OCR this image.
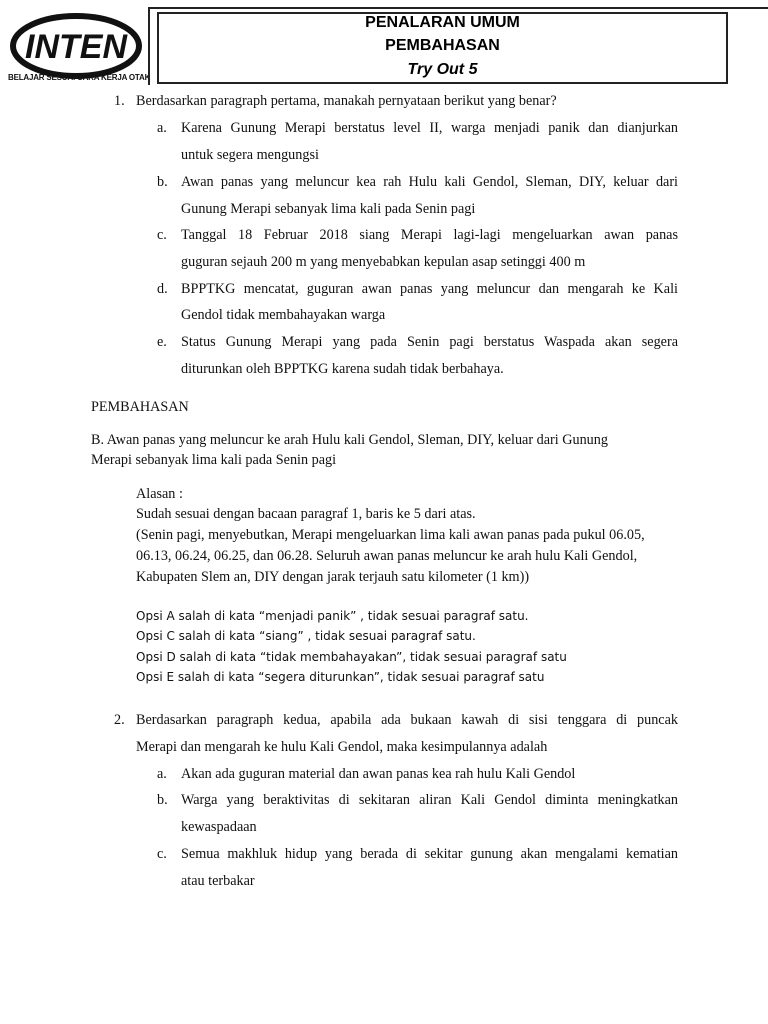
INTEN
BELAJAR SESUAI CARA KERJA OTAK
PENALARAN UMUM
PEMBAHASAN
Try Out 5
1. Berdasarkan paragraph pertama, manakah pernyataan berikut yang benar?
a. Karena Gunung Merapi berstatus level II, warga menjadi panik dan dianjurkan
untuk segera mengungsi
b. Awan panas yang meluncur kea rah Hulu kali Gendol, Sleman, DIY, keluar dari
Gunung Merapi sebanyak lima kali pada Senin pagi
c. Tanggal 18 Februar 2018 siang Merapi lagi-lagi mengeluarkan awan panas
guguran sejauh 200 m yang menyebabkan kepulan asap setinggi 400 m
d. BPPTKG mencatat, guguran awan panas yang meluncur dan mengarah ke Kali
Gendol tidak membahayakan warga
e. Status Gunung Merapi yang pada Senin pagi berstatus Waspada akan segera
diturunkan oleh BPPTKG karena sudah tidak berbahaya.
PEMBAHASAN
B. Awan panas yang meluncur ke arah Hulu kali Gendol, Sleman, DIY, keluar dari Gunung
Merapi sebanyak lima kali pada Senin pagi
Alasan :
Sudah sesuai dengan bacaan paragraf 1, baris ke 5 dari atas.
(Senin pagi, menyebutkan, Merapi mengeluarkan lima kali awan panas pada pukul 06.05,
06.13, 06.24, 06.25, dan 06.28. Seluruh awan panas meluncur ke arah hulu Kali Gendol,
Kabupaten Slem an, DIY dengan jarak terjauh satu kilometer (1 km))
Opsi A salah di kata “menjadi panik” , tidak sesuai paragraf satu.
Opsi C salah di kata “siang” , tidak sesuai paragraf satu.
Opsi D salah di kata “tidak membahayakan”, tidak sesuai paragraf satu
Opsi E salah di kata “segera diturunkan”, tidak sesuai paragraf satu
2. Berdasarkan paragraph kedua, apabila ada bukaan kawah di sisi tenggara di puncak
Merapi dan mengarah ke hulu Kali Gendol, maka kesimpulannya adalah
a. Akan ada guguran material dan awan panas kea rah hulu Kali Gendol
b. Warga yang beraktivitas di sekitaran aliran Kali Gendol diminta meningkatkan
kewaspadaan
c. Semua makhluk hidup yang berada di sekitar gunung akan mengalami kematian
atau terbakar
